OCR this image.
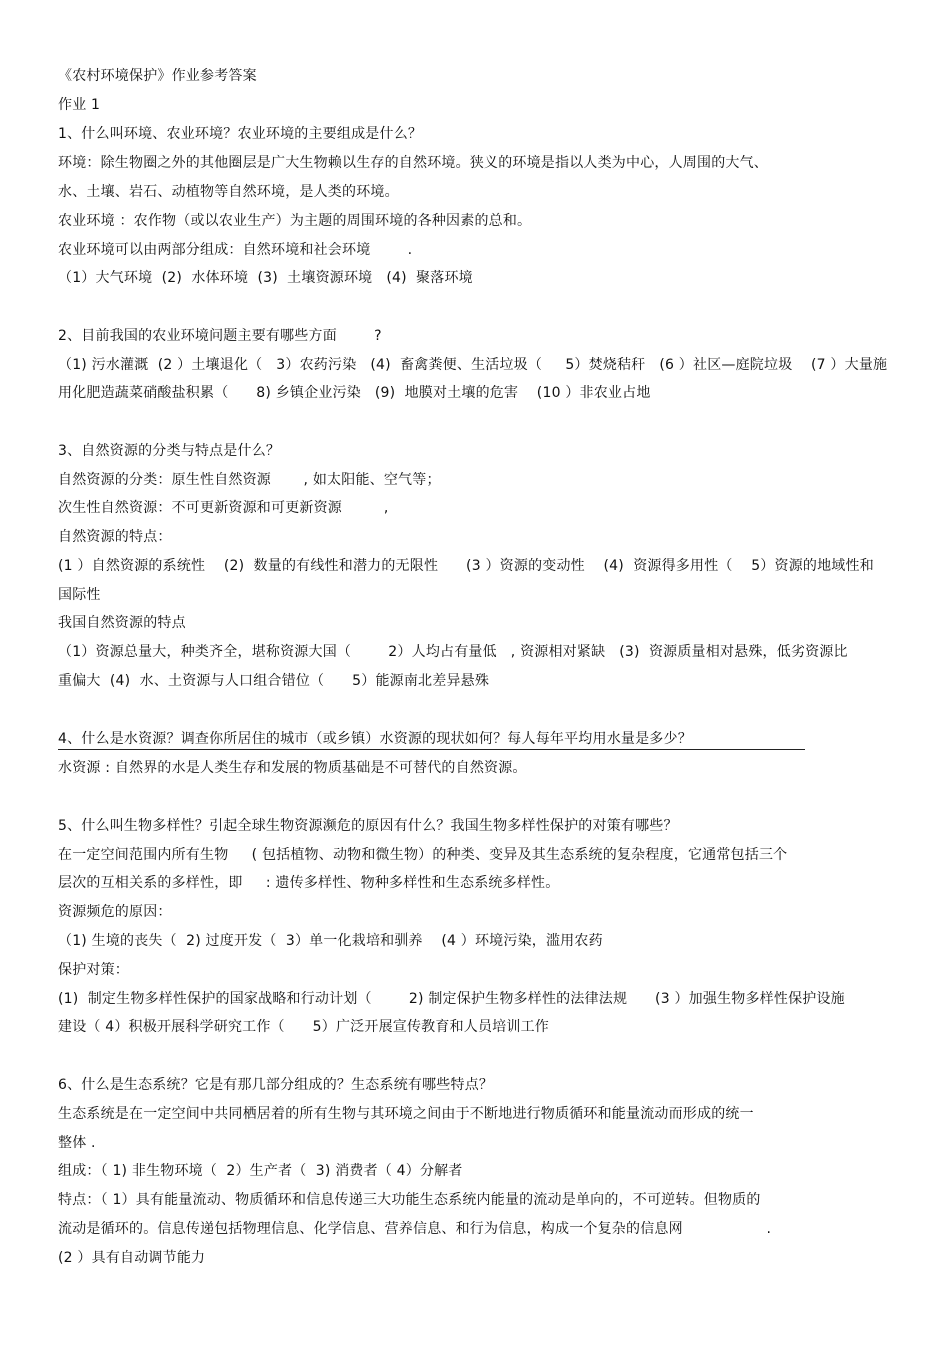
《农村环境保护》作业参考答案
作业 1
1、什么叫环境、农业环境？农业环境的主要组成是什么？
环境：除生物圈之外的其他圈层是广大生物赖以生存的自然环境。狭义的环境是指以人类为中心，人周围的大气、
水、土壤、岩石、动植物等自然环境，是人类的环境。
农业环境 ：农作物（或以农业生产）为主题的周围环境的各种因素的总和。
农业环境可以由两部分组成：自然环境和社会环境        .
（1）大气环境  (2)  水体环境  (3)  土壤资源环境   (4)  聚落环境
2、目前我国的农业环境问题主要有哪些方面        ?
（1) 污水灌溉  (2 ）土壤退化（   3）农药污染   (4)  畜禽粪便、生活垃圾（     5）焚烧秸秆   (6 ）社区—庭院垃圾    (7 ）大量施
用化肥造蔬菜硝酸盐积累（      8) 乡镇企业污染   (9)  地膜对土壤的危害    (10 ）非农业占地
3、自然资源的分类与特点是什么？
自然资源的分类：原生性自然资源       , 如太阳能、空气等；
次生性自然资源：不可更新资源和可更新资源         ,
自然资源的特点：
(1 ）自然资源的系统性    (2)  数量的有线性和潜力的无限性      (3 ）资源的变动性    (4)  资源得多用性（    5）资源的地域性和
国际性
我国自然资源的特点
（1）资源总量大，种类齐全，堪称资源大国（        2）人均占有量低   , 资源相对紧缺   (3)  资源质量相对悬殊，低劣资源比
重偏大  (4)  水、土资源与人口组合错位（      5）能源南北差异悬殊
4、什么是水资源？调查你所居住的城市（或乡镇）水资源的现状如何？每人每年平均用水量是多少？
水资源 : 自然界的水是人类生存和发展的物质基础是不可替代的自然资源。
5、什么叫生物多样性？引起全球生物资源濒危的原因有什么？我国生物多样性保护的对策有哪些？
在一定空间范围内所有生物     ( 包括植物、动物和微生物）的种类、变异及其生态系统的复杂程度，它通常包括三个
层次的互相关系的多样性，即     : 遗传多样性、物种多样性和生态系统多样性。
资源频危的原因：
（1) 生境的丧失（  2) 过度开发（  3）单一化栽培和驯养    (4 ）环境污染，滥用农药
保护对策：
(1)  制定生物多样性保护的国家战略和行动计划（        2) 制定保护生物多样性的法律法规      (3 ）加强生物多样性保护设施
建设（ 4）积极开展科学研究工作（      5）广泛开展宣传教育和人员培训工作
6、什么是生态系统？它是有那几部分组成的？生态系统有哪些特点？
生态系统是在一定空间中共同栖居着的所有生物与其环境之间由于不断地进行物质循环和能量流动而形成的统一
整体 .
组成：（ 1) 非生物环境（  2）生产者（  3) 消费者（ 4）分解者
特点：（ 1）具有能量流动、物质循环和信息传递三大功能生态系统内能量的流动是单向的，不可逆转。但物质的
流动是循环的。信息传递包括物理信息、化学信息、营养信息、和行为信息，构成一个复杂的信息网                  .
(2 ）具有自动调节能力
